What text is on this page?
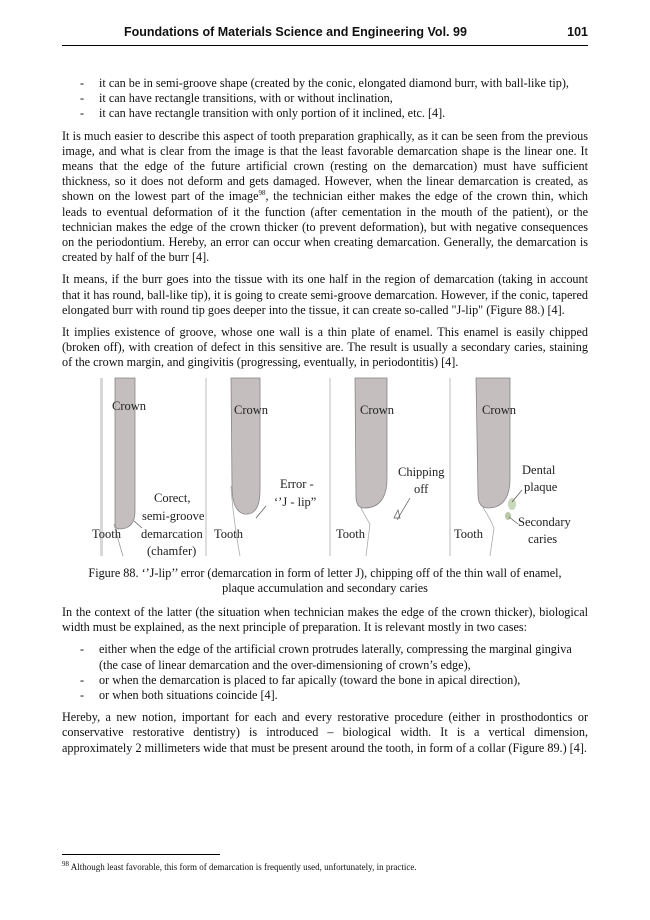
Foundations of Materials Science and Engineering Vol. 99	101
- it can be in semi-groove shape (created by the conic, elongated diamond burr, with ball-like tip),
- it can have rectangle transitions, with or without inclination,
- it can have rectangle transition with only portion of it inclined, etc. [4].

It is much easier to describe this aspect of tooth preparation graphically, as it can be seen from the previous image, and what is clear from the image is that the least favorable demarcation shape is the linear one. It means that the edge of the future artificial crown (resting on the demarcation) must have sufficient thickness, so it does not deform and gets damaged. However, when the linear demarcation is created, as shown on the lowest part of the image$^{98}$, the technician either makes the edge of the crown thin, which leads to eventual deformation of it the function (after cementation in the mouth of the patient), or the technician makes the edge of the crown thicker (to prevent deformation), but with negative consequences on the periodontium. Hereby, an error can occur when creating demarcation. Generally, the demarcation is created by half of the burr [4].

It means, if the burr goes into the tissue with its one half in the region of demarcation (taking in account that it has round, ball-like tip), it is going to create semi-groove demarcation. However, if the conic, tapered elongated burr with round tip goes deeper into the tissue, it can create so-called "J-lip" (Figure 88.) [4].

It implies existence of groove, whose one wall is a thin plate of enamel. This enamel is easily chipped (broken off), with creation of defect in this sensitive are. The result is usually a secondary caries, staining of the crown margin, and gingivitis (progressing, eventually, in periodontitis) [4].

Crown
Tooth
Corect,
semi-groove
demarcation
(chamfer)
Crown
Tooth
Error -
‘’J - lip”
Crown
Tooth
Chipping
off
Crown
Tooth
Dental
plaque
Secondary
caries
Figure 88. ‘’J-lip’’ error (demarcation in form of letter J), chipping off of the thin wall of enamel,
plaque accumulation and secondary caries

In the context of the latter (the situation when technician makes the edge of the crown thicker), biological width must be explained, as the next principle of preparation. It is relevant mostly in two cases:

- either when the edge of the artificial crown protrudes laterally, compressing the marginal gingiva (the case of linear demarcation and the over-dimensioning of crown’s edge),
- or when the demarcation is placed to far apically (toward the bone in apical direction),
- or when both situations coincide [4].

Hereby, a new notion, important for each and every restorative procedure (either in prosthodontics or conservative restorative dentistry) is introduced – biological width. It is a vertical dimension, approximately 2 millimeters wide that must be present around the tooth, in form of a collar (Figure 89.) [4].

$^{98}$ Although least favorable, this form of demarcation is frequently used, unfortunately, in practice.
